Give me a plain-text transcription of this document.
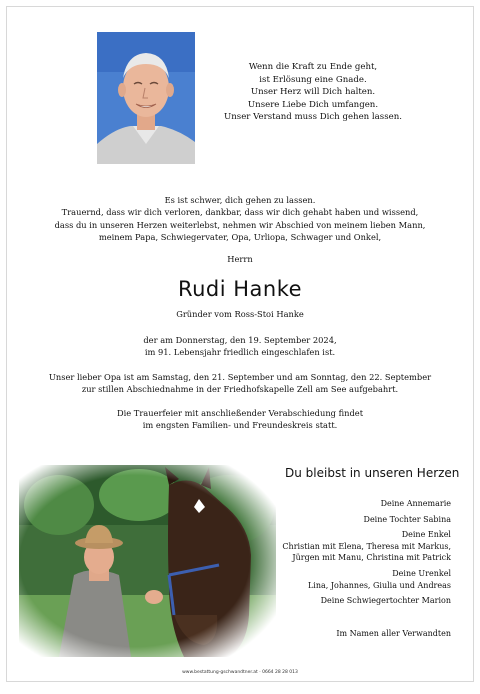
Wenn die Kraft zu Ende geht,
ist Erlösung eine Gnade.
Unser Herz will Dich halten.
Unsere Liebe Dich umfangen.
Unser Verstand muss Dich gehen lassen.
Es ist schwer, dich gehen zu lassen.
Trauernd, dass wir dich verloren, dankbar, dass wir dich gehabt haben und wissend,
dass du in unseren Herzen weiterlebst, nehmen wir Abschied von meinem lieben Mann,
meinem Papa, Schwiegervater, Opa, Urliopa, Schwager und Onkel,
Herrn
Rudi Hanke
Gründer vom Ross-Stoi Hanke
der am Donnerstag, den 19. September 2024,
im 91. Lebensjahr friedlich eingeschlafen ist.
Unser lieber Opa ist am Samstag, den 21. September und am Sonntag, den 22. September
zur stillen Abschiednahme in der Friedhofskapelle Zell am See aufgebahrt.
Die Trauerfeier mit anschließender Verabschiedung findet
im engsten Familien- und Freundeskreis statt.
Du bleibst in unseren Herzen
Deine Annemarie
Deine Tochter Sabina
Deine Enkel
Christian mit Elena, Theresa mit Markus,
Jürgen mit Manu, Christina mit Patrick
Deine Urenkel
Lina, Johannes, Giulia und Andreas
Deine Schwiegertochter Marion
Im Namen aller Verwandten
www.bestattung-gschwandtner.at · 0664 28 28 013
